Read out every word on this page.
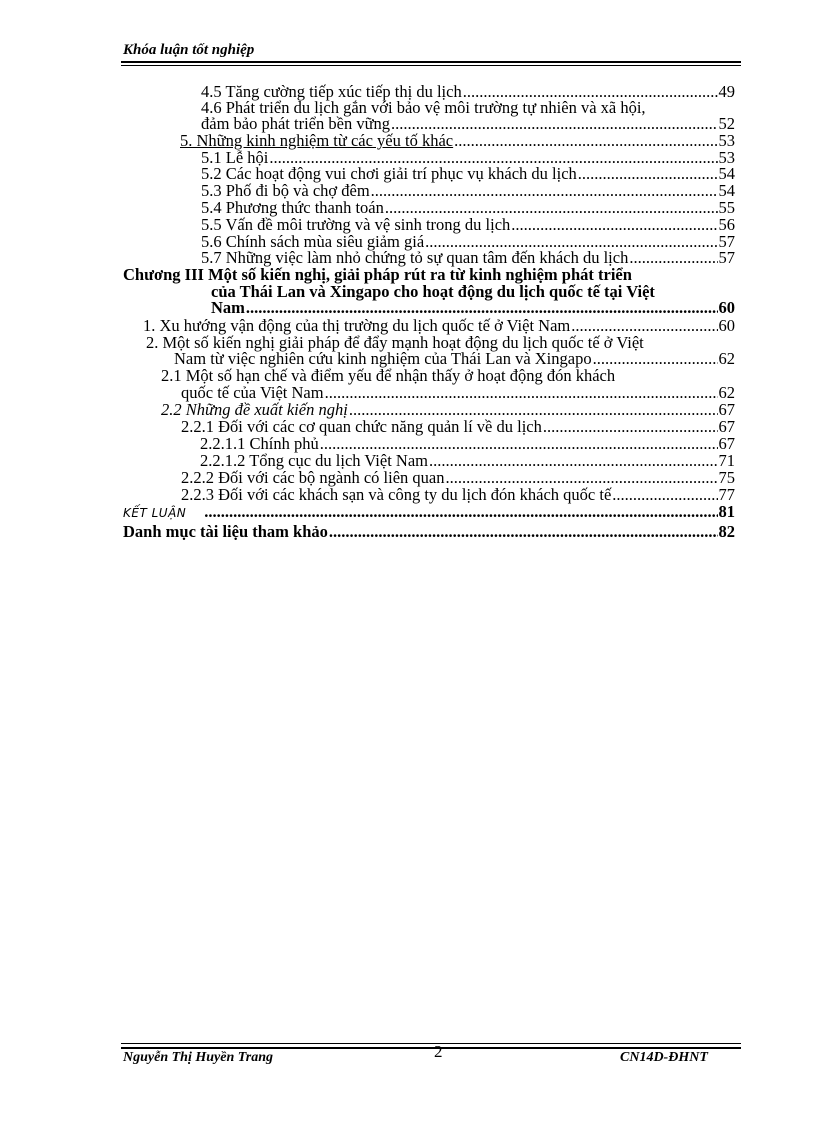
Khóa luận tốt nghiệp
4.5 Tăng cường tiếp xúc tiếp thị du lịch .....	49
4.6 Phát triển du lịch gắn với bảo vệ môi trường tự nhiên và xã hội,
đảm bảo phát triển bền vững .....	52
5. Những kinh nghiệm từ các yếu tố khác .....	53
5.1 Lễ hội .....	53
5.2 Các hoạt động vui chơi giải trí phục vụ khách du lịch .....	54
5.3 Phố đi bộ và chợ đêm .....	54
5.4 Phương thức thanh toán .....	55
5.5 Vấn đề môi trường và vệ sinh trong du lịch .....	56
5.6 Chính sách mùa siêu giảm giá .....	57
5.7 Những việc làm nhỏ chứng tỏ sự quan tâm đến khách du lịch .....	57
Chương III Một số kiến nghị, giải pháp rút ra từ kinh nghiệm phát triển
của Thái Lan và Xingapo cho hoạt động du lịch quốc tế tại Việt
Nam .....	60
1. Xu hướng vận động của thị trường du lịch quốc tế ở Việt Nam .....	60
2. Một số kiến nghị giải pháp để đẩy mạnh hoạt động du lịch quốc tế ở Việt
Nam từ việc nghiên cứu kinh nghiệm của Thái Lan và Xingapo .....	62
2.1 Một số hạn chế và điểm yếu để nhận thấy ở hoạt động đón khách
quốc tế của Việt Nam .....	62
2.2 Những đề xuất kiến nghị .....	67
2.2.1 Đối với các cơ quan chức năng quản lí về du lịch .....	67
2.2.1.1 Chính phủ .....	67
2.2.1.2 Tổng cục du lịch Việt Nam .....	71
2.2.2 Đối với các bộ ngành có liên quan .....	75
2.2.3 Đối với các khách sạn và công ty du lịch đón khách quốc tế .....	77
KẾT LUẬN .....	81
Danh mục tài liệu tham khảo .....	82
Nguyễn Thị Huyền Trang	2	CN14D-ĐHNT
